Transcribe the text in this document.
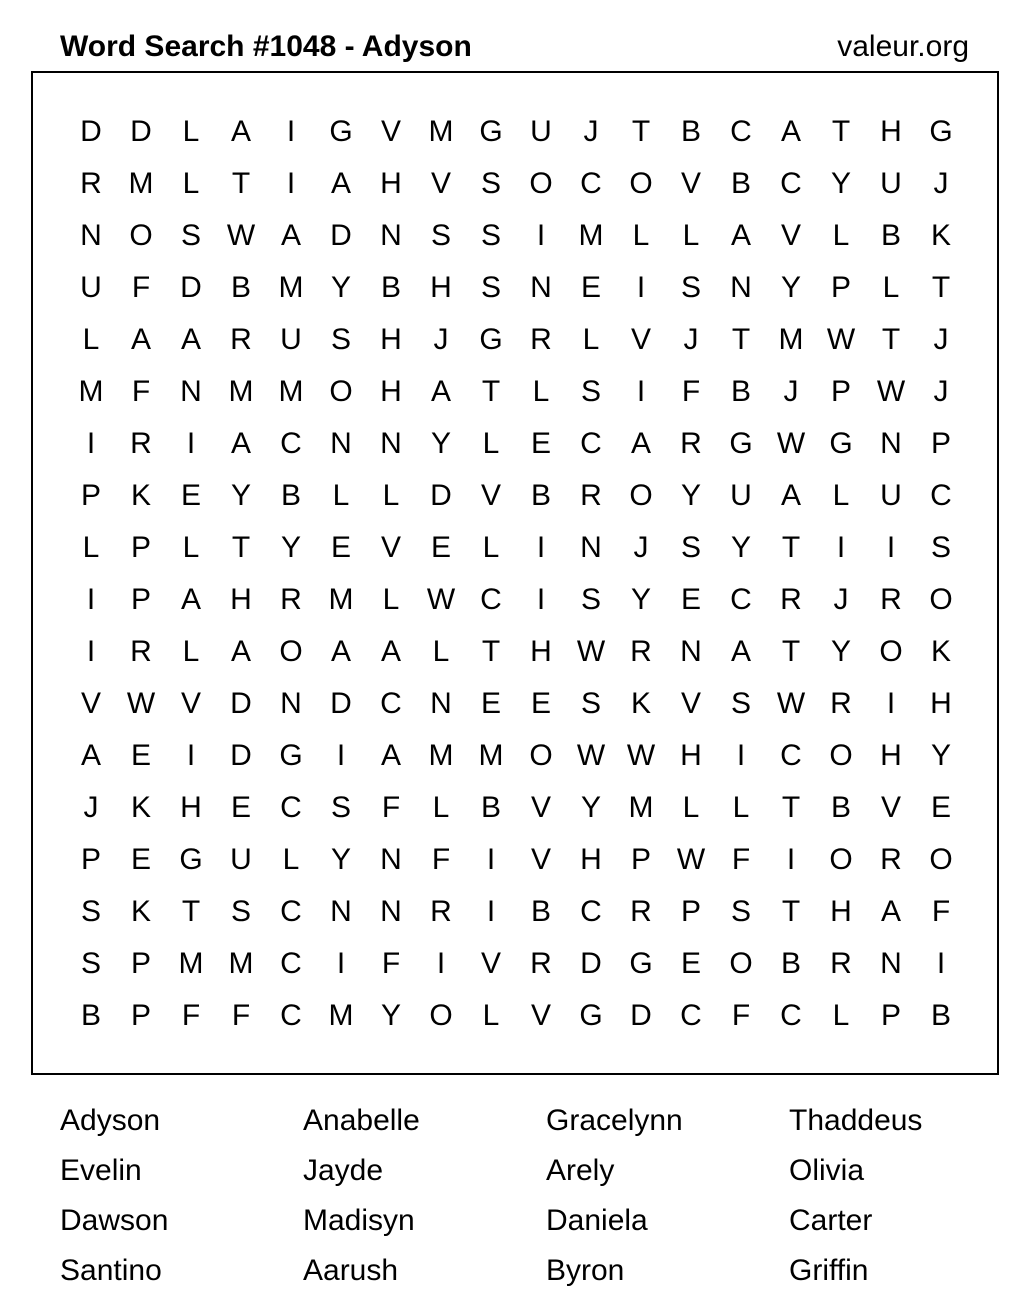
Word Search #1048 - Adyson	valeur.org
D D	L	A	I	G V M G U	J	T	B C A	T	H G
R M L	T	I	A H V S O C O V B C Y U	J
N O S W A D N S S	I	M L	L	A V	L	B K
U	F	D B M Y B H S N E	I	S N Y P	L	T
L	A A R U S H	J	G R	L	V	J	T M W T	J
M F	N M M O H A	T	L	S	I	F	B	J	P W J
I	R	I	A C N N Y	L	E C A R G W G N P
P K E Y B	L	L	D V B R O Y U A	L	U C
L	P	L	T	Y E V E	L	I	N	J	S Y	T	I	I	S
I	P A H R M L W C	I	S Y E C R	J	R O
I	R	L	A O A A	L	T	H W R N A	T	Y O K
V W V D N D C N E E S K V S W R	I	H
A E	I	D G	I	A M M O W W H	I	C O H Y
J	K H E C S	F	L	B V Y M L	L	T	B V E
P E G U	L	Y N	F	I	V H P W F	I	O R O
S K	T	S C N N R	I	B C R P S	T	H A	F
S P M M C	I	F	I	V R D G E O B R N	I
B P	F	F	C M Y O L	V G D C	F	C	L	P B
Adyson	Anabelle	Gracelynn	Thaddeus
Evelin	Jayde	Arely	Olivia
Dawson	Madisyn	Daniela	Carter
Santino	Aarush	Byron	Griffin
